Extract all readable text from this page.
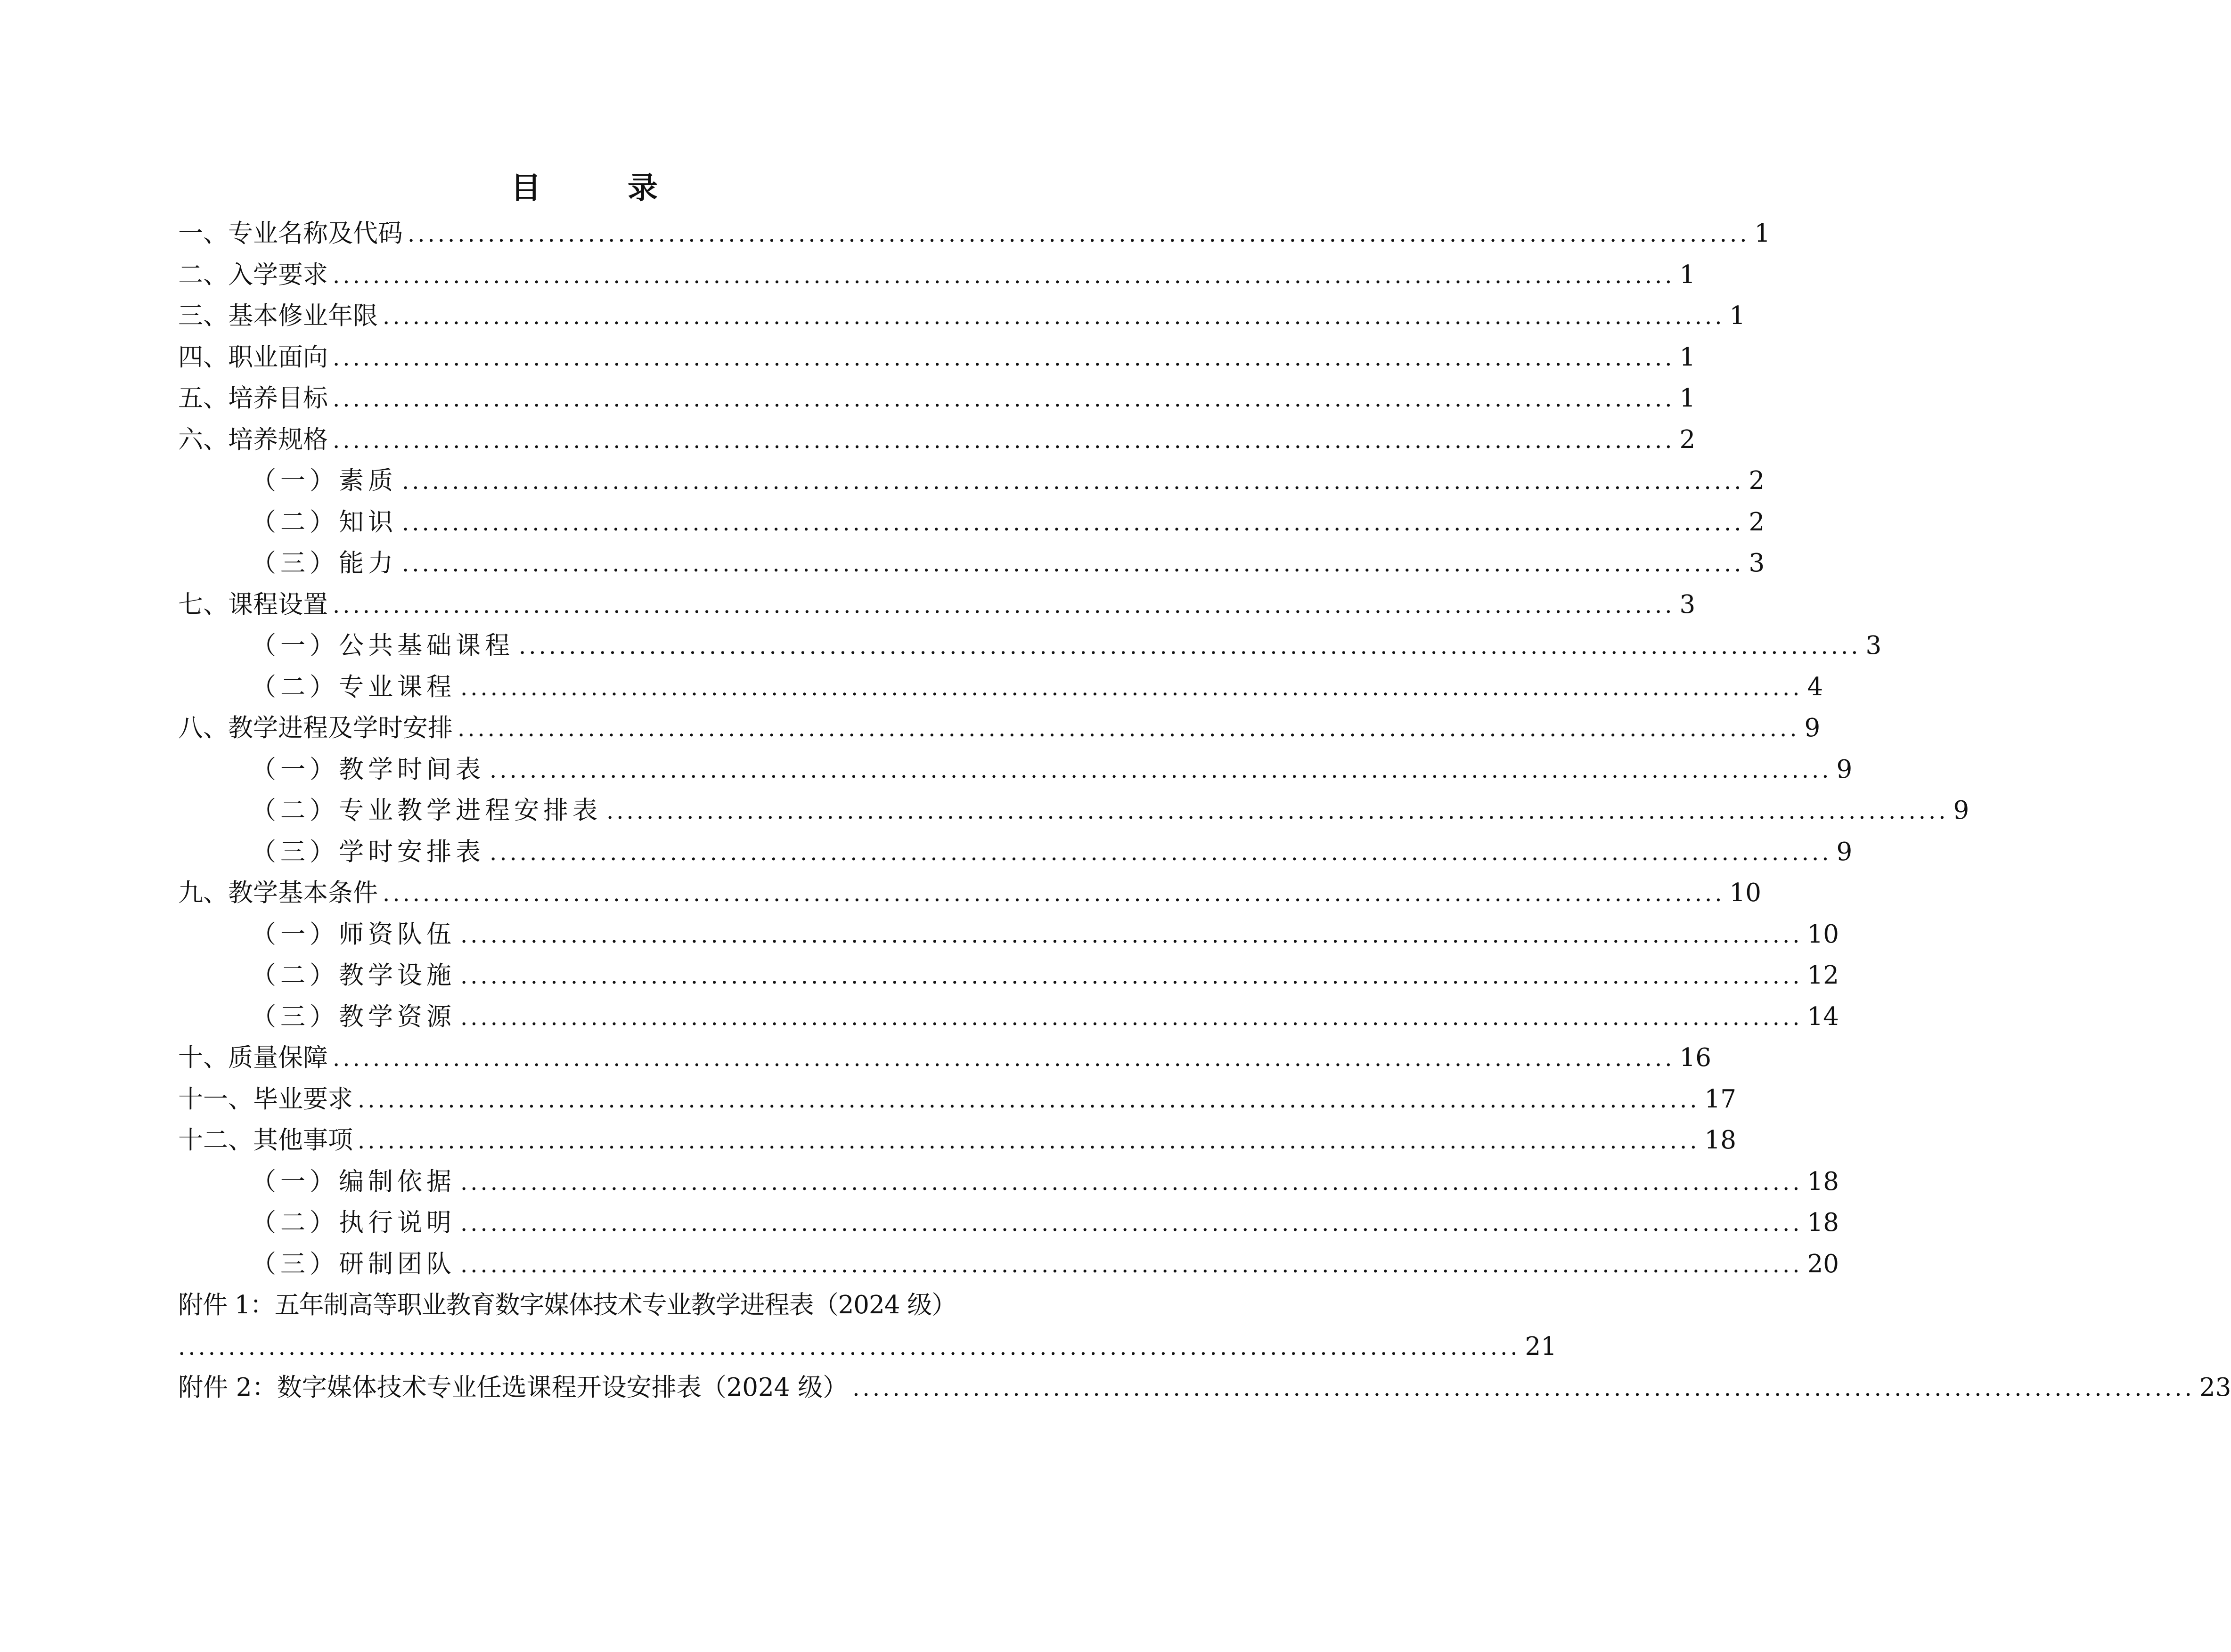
目　录
一、专业名称及代码 ...................................................................................................................................... 1
二、入学要求 ...................................................................................................................................... 1
三、基本修业年限 ...................................................................................................................................... 1
四、职业面向 ...................................................................................................................................... 1
五、培养目标 ...................................................................................................................................... 1
六、培养规格 ...................................................................................................................................... 2
（一）素质 ...................................................................................................................................... 2
（二）知识 ...................................................................................................................................... 2
（三）能力 ...................................................................................................................................... 3
七、课程设置 ...................................................................................................................................... 3
（一）公共基础课程 ...................................................................................................................................... 3
（二）专业课程 ...................................................................................................................................... 4
八、教学进程及学时安排 ...................................................................................................................................... 9
（一）教学时间表 ...................................................................................................................................... 9
（二）专业教学进程安排表 ...................................................................................................................................... 9
（三）学时安排表 ...................................................................................................................................... 9
九、教学基本条件 ...................................................................................................................................... 10
（一）师资队伍 ...................................................................................................................................... 10
（二）教学设施 ...................................................................................................................................... 12
（三）教学资源 ...................................................................................................................................... 14
十、质量保障 ...................................................................................................................................... 16
十一、毕业要求 ...................................................................................................................................... 17
十二、其他事项 ...................................................................................................................................... 18
（一）编制依据 ...................................................................................................................................... 18
（二）执行说明 ...................................................................................................................................... 18
（三）研制团队 ...................................................................................................................................... 20
附件 1：五年制高等职业教育数字媒体技术专业教学进程表（2024 级）
...................................................................................................................................... 21
附件 2：数字媒体技术专业任选课程开设安排表（2024 级） ...................................................................................................................................... 23
